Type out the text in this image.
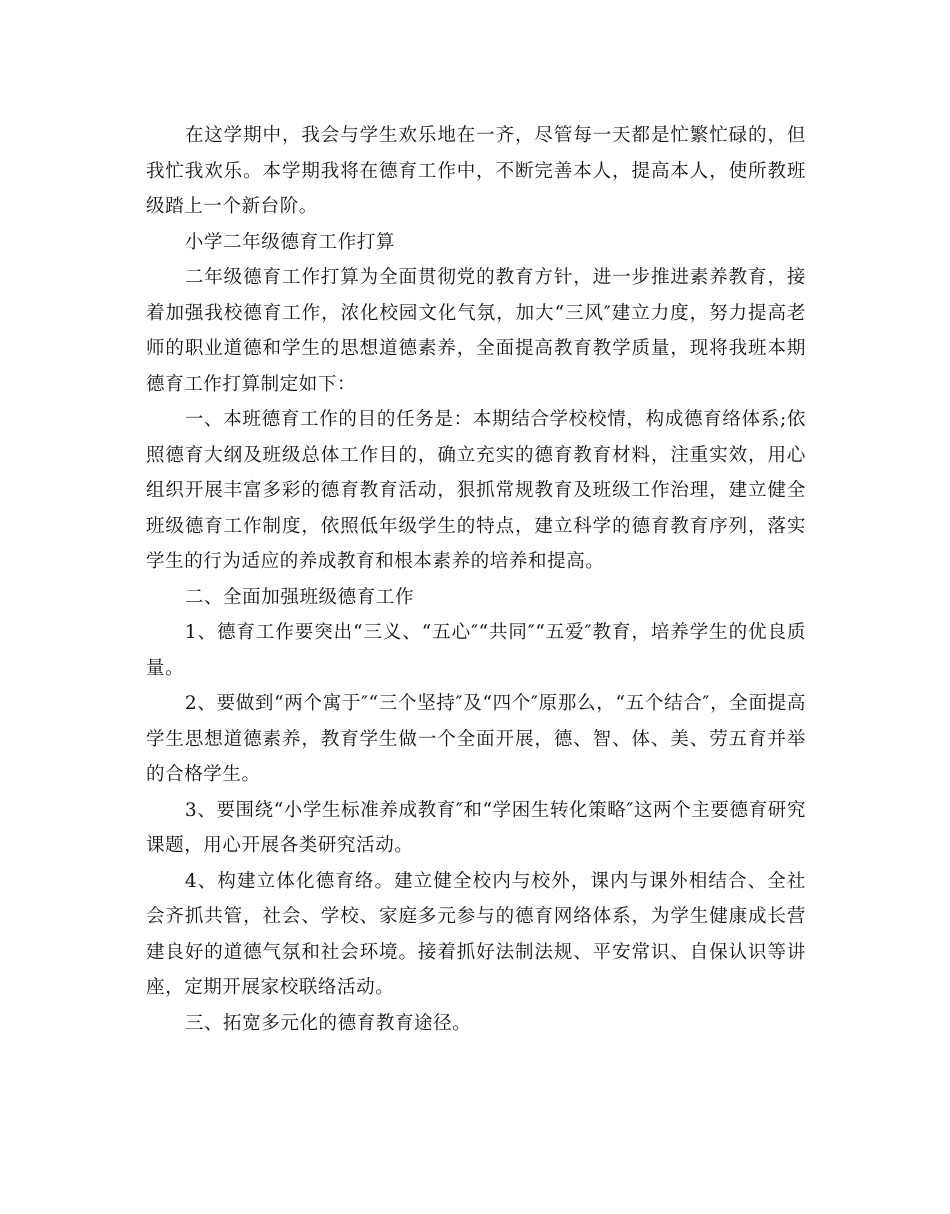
在这学期中，我会与学生欢乐地在一齐，尽管每一天都是忙繁忙碌的，但我忙我欢乐。本学期我将在德育工作中，不断完善本人，提高本人，使所教班级踏上一个新台阶。

小学二年级德育工作打算

二年级德育工作打算为全面贯彻党的教育方针，进一步推进素养教育，接着加强我校德育工作，浓化校园文化气氛，加大“三风″建立力度，努力提高老师的职业道德和学生的思想道德素养，全面提高教育教学质量，现将我班本期德育工作打算制定如下：

一、本班德育工作的目的任务是：本期结合学校校情，构成德育络体系;依照德育大纲及班级总体工作目的，确立充实的德育教育材料，注重实效，用心组织开展丰富多彩的德育教育活动，狠抓常规教育及班级工作治理，建立健全班级德育工作制度，依照低年级学生的特点，建立科学的德育教育序列，落实学生的行为适应的养成教育和根本素养的培养和提高。

二、全面加强班级德育工作

1、德育工作要突出“三义、“五心″“共同″“五爱″教育，培养学生的优良质量。

2、要做到“两个寓于″“三个坚持″及“四个″原那么，“五个结合″，全面提高学生思想道德素养，教育学生做一个全面开展，德、智、体、美、劳五育并举的合格学生。

3、要围绕“小学生标准养成教育″和“学困生转化策略″这两个主要德育研究课题，用心开展各类研究活动。

4、构建立体化德育络。建立健全校内与校外，课内与课外相结合、全社会齐抓共管，社会、学校、家庭多元参与的德育网络体系，为学生健康成长营建良好的道德气氛和社会环境。接着抓好法制法规、平安常识、自保认识等讲座，定期开展家校联络活动。

三、拓宽多元化的德育教育途径。
